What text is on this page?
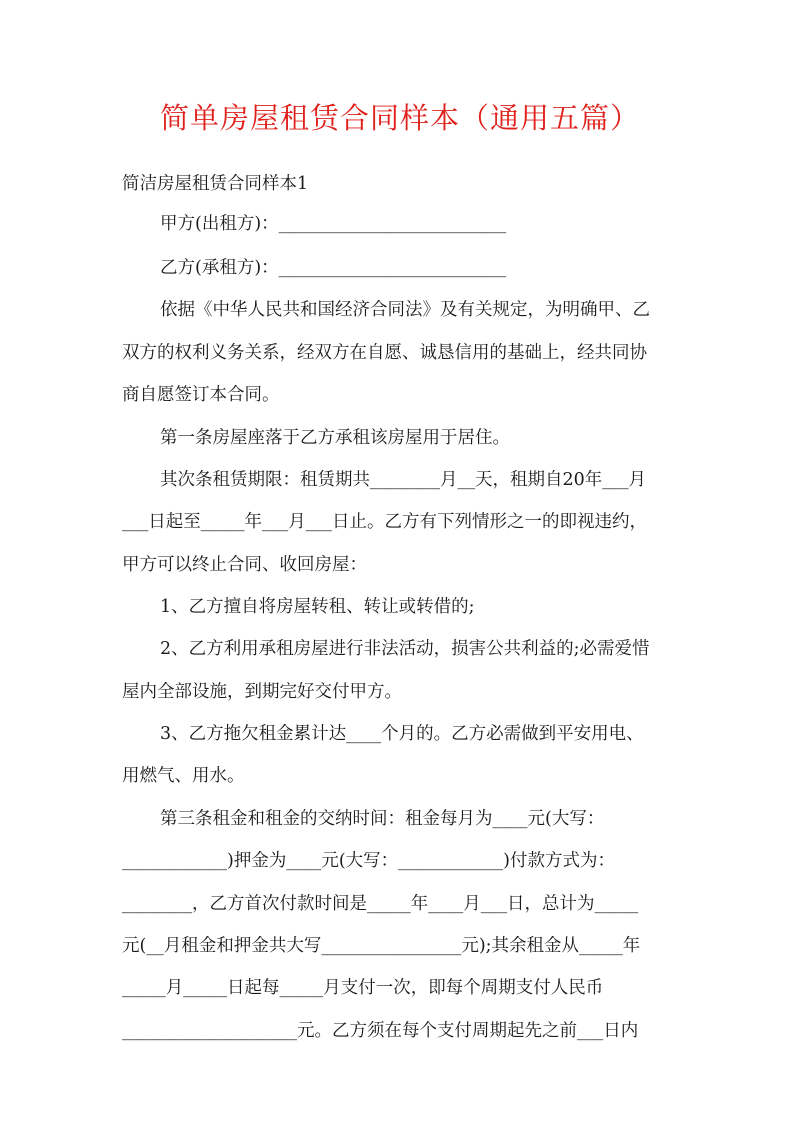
简单房屋租赁合同样本（通用五篇）

简洁房屋租赁合同样本1

甲方(出租方)：__________________________

乙方(承租方)：__________________________

依据《中华人民共和国经济合同法》及有关规定，为明确甲、乙

双方的权利义务关系，经双方在自愿、诚恳信用的基础上，经共同协

商自愿签订本合同。

第一条房屋座落于乙方承租该房屋用于居住。

其次条租赁期限：租赁期共________月__天，租期自20年___月

___日起至_____年___月___日止。乙方有下列情形之一的即视违约，

甲方可以终止合同、收回房屋：

1、乙方擅自将房屋转租、转让或转借的;

2、乙方利用承租房屋进行非法活动，损害公共利益的;必需爱惜

屋内全部设施，到期完好交付甲方。

3、乙方拖欠租金累计达____个月的。乙方必需做到平安用电、

用燃气、用水。

第三条租金和租金的交纳时间：租金每月为____元(大写：

____________)押金为____元(大写：____________)付款方式为：

________，乙方首次付款时间是_____年____月___日，总计为_____

元(__月租金和押金共大写________________元);其余租金从_____年

_____月_____日起每_____月支付一次，即每个周期支付人民币

____________________元。乙方须在每个支付周期起先之前___日内
